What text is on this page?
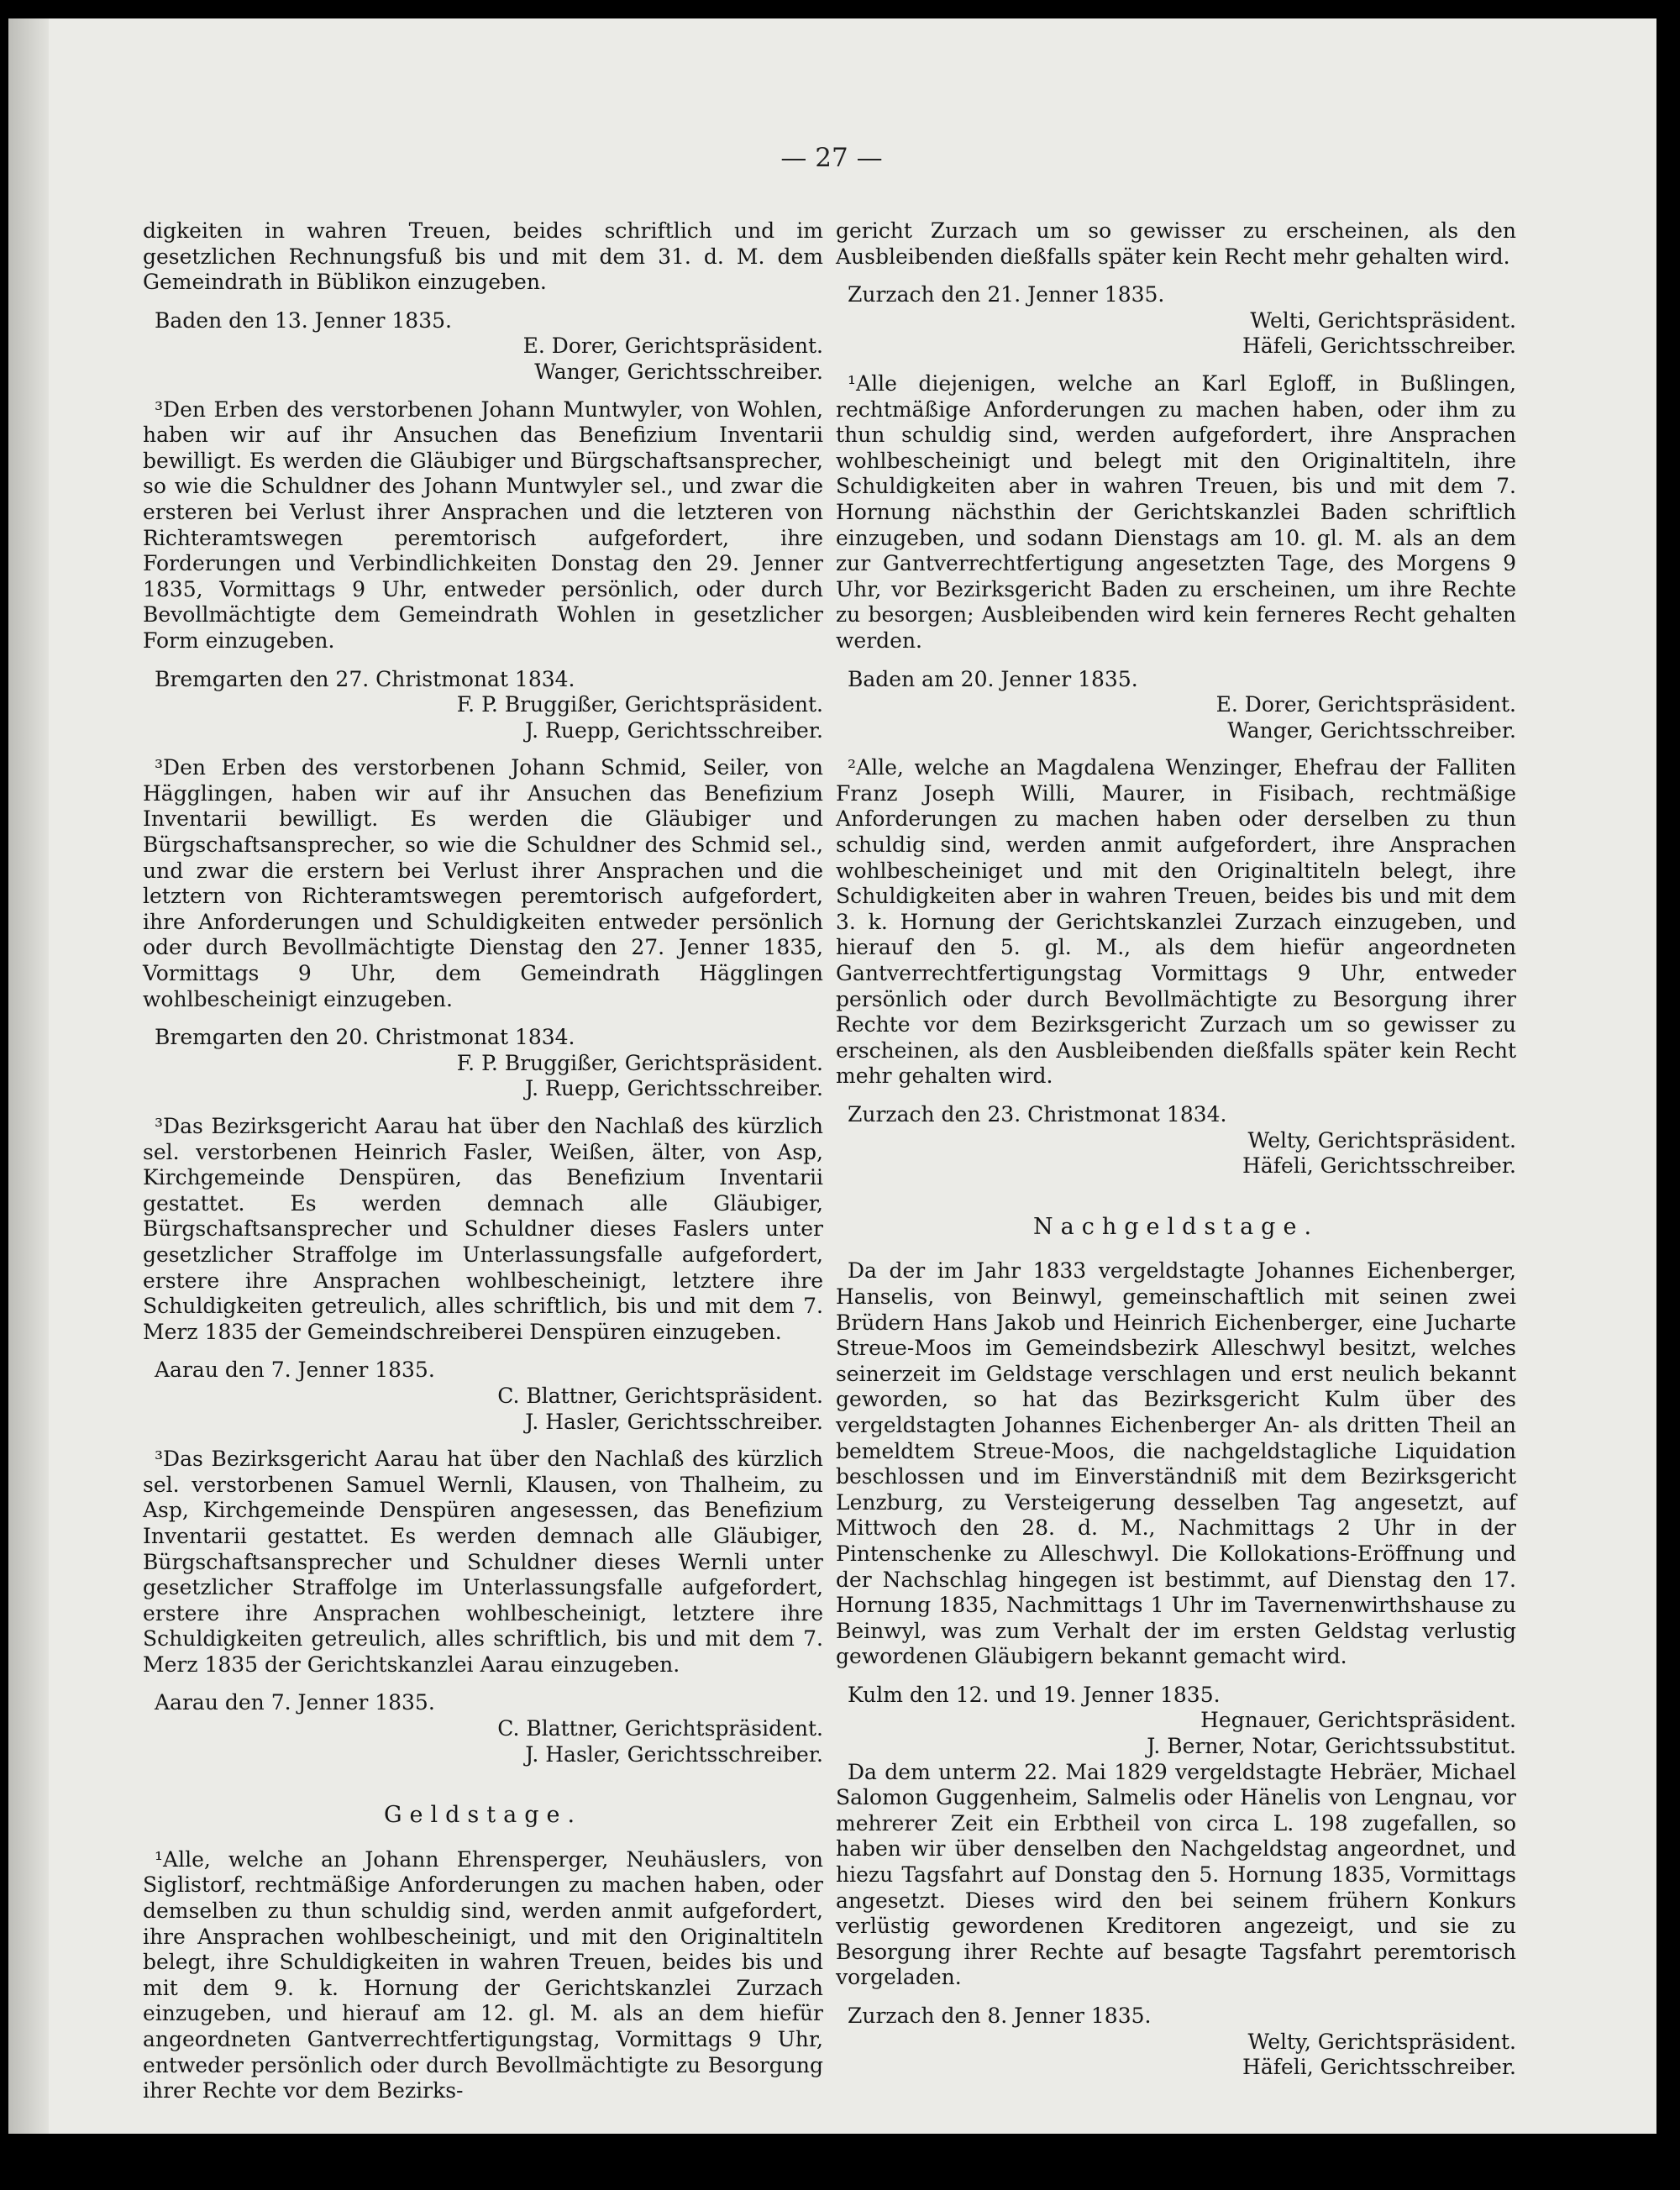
— 27 —

digkeiten in wahren Treuen, beides schriftlich und im gesetzlichen Rechnungsfuß bis und mit dem 31. d. M. dem Gemeindrath in Büblikon einzugeben.

Baden den 13. Jenner 1835.

E. Dorer, Gerichtspräsident.

Wanger, Gerichtsschreiber.

³Den Erben des verstorbenen Johann Muntwyler, von Wohlen, haben wir auf ihr Ansuchen das Benefizium Inventarii bewilligt. Es werden die Gläubiger und Bürgschaftsansprecher, so wie die Schuldner des Johann Muntwyler sel., und zwar die ersteren bei Verlust ihrer Ansprachen und die letzteren von Richteramtswegen peremtorisch aufgefordert, ihre Forderungen und Verbindlichkeiten Donstag den 29. Jenner 1835, Vormittags 9 Uhr, entweder persönlich, oder durch Bevollmächtigte dem Gemeindrath Wohlen in gesetzlicher Form einzugeben.

Bremgarten den 27. Christmonat 1834.

F. P. Bruggißer, Gerichtspräsident.

J. Ruepp, Gerichtsschreiber.

³Den Erben des verstorbenen Johann Schmid, Seiler, von Hägglingen, haben wir auf ihr Ansuchen das Benefizium Inventarii bewilligt. Es werden die Gläubiger und Bürgschaftsansprecher, so wie die Schuldner des Schmid sel., und zwar die erstern bei Verlust ihrer Ansprachen und die letztern von Richteramtswegen peremtorisch aufgefordert, ihre Anforderungen und Schuldigkeiten entweder persönlich oder durch Bevollmächtigte Dienstag den 27. Jenner 1835, Vormittags 9 Uhr, dem Gemeindrath Hägglingen wohlbescheinigt einzugeben.

Bremgarten den 20. Christmonat 1834.

F. P. Bruggißer, Gerichtspräsident.

J. Ruepp, Gerichtsschreiber.

³Das Bezirksgericht Aarau hat über den Nachlaß des kürzlich sel. verstorbenen Heinrich Fasler, Weißen, älter, von Asp, Kirchgemeinde Denspüren, das Benefizium Inventarii gestattet. Es werden demnach alle Gläubiger, Bürgschaftsansprecher und Schuldner dieses Faslers unter gesetzlicher Straffolge im Unterlassungsfalle aufgefordert, erstere ihre Ansprachen wohlbescheinigt, letztere ihre Schuldigkeiten getreulich, alles schriftlich, bis und mit dem 7. Merz 1835 der Gemeindschreiberei Denspüren einzugeben.

Aarau den 7. Jenner 1835.

C. Blattner, Gerichtspräsident.

J. Hasler, Gerichtsschreiber.

³Das Bezirksgericht Aarau hat über den Nachlaß des kürzlich sel. verstorbenen Samuel Wernli, Klausen, von Thalheim, zu Asp, Kirchgemeinde Denspüren angesessen, das Benefizium Inventarii gestattet. Es werden demnach alle Gläubiger, Bürgschaftsansprecher und Schuldner dieses Wernli unter gesetzlicher Straffolge im Unterlassungsfalle aufgefordert, erstere ihre Ansprachen wohlbescheinigt, letztere ihre Schuldigkeiten getreulich, alles schriftlich, bis und mit dem 7. Merz 1835 der Gerichtskanzlei Aarau einzugeben.

Aarau den 7. Jenner 1835.

C. Blattner, Gerichtspräsident.

J. Hasler, Gerichtsschreiber.

Geldstage.

¹Alle, welche an Johann Ehrensperger, Neuhäuslers, von Siglistorf, rechtmäßige Anforderungen zu machen haben, oder demselben zu thun schuldig sind, werden anmit aufgefordert, ihre Ansprachen wohlbescheinigt, und mit den Originaltiteln belegt, ihre Schuldigkeiten in wahren Treuen, beides bis und mit dem 9. k. Hornung der Gerichtskanzlei Zurzach einzugeben, und hierauf am 12. gl. M. als an dem hiefür angeordneten Gantverrechtfertigungstag, Vormittags 9 Uhr, entweder persönlich oder durch Bevollmächtigte zu Besorgung ihrer Rechte vor dem Bezirks-

gericht Zurzach um so gewisser zu erscheinen, als den Ausbleibenden dießfalls später kein Recht mehr gehalten wird.

Zurzach den 21. Jenner 1835.

Welti, Gerichtspräsident.

Häfeli, Gerichtsschreiber.

¹Alle diejenigen, welche an Karl Egloff, in Bußlingen, rechtmäßige Anforderungen zu machen haben, oder ihm zu thun schuldig sind, werden aufgefordert, ihre Ansprachen wohlbescheinigt und belegt mit den Originaltiteln, ihre Schuldigkeiten aber in wahren Treuen, bis und mit dem 7. Hornung nächsthin der Gerichtskanzlei Baden schriftlich einzugeben, und sodann Dienstags am 10. gl. M. als an dem zur Gantverrechtfertigung angesetzten Tage, des Morgens 9 Uhr, vor Bezirksgericht Baden zu erscheinen, um ihre Rechte zu besorgen; Ausbleibenden wird kein ferneres Recht gehalten werden.

Baden am 20. Jenner 1835.

E. Dorer, Gerichtspräsident.

Wanger, Gerichtsschreiber.

²Alle, welche an Magdalena Wenzinger, Ehefrau der Falliten Franz Joseph Willi, Maurer, in Fisibach, rechtmäßige Anforderungen zu machen haben oder derselben zu thun schuldig sind, werden anmit aufgefordert, ihre Ansprachen wohlbescheiniget und mit den Originaltiteln belegt, ihre Schuldigkeiten aber in wahren Treuen, beides bis und mit dem 3. k. Hornung der Gerichtskanzlei Zurzach einzugeben, und hierauf den 5. gl. M., als dem hiefür angeordneten Gantverrechtfertigungstag Vormittags 9 Uhr, entweder persönlich oder durch Bevollmächtigte zu Besorgung ihrer Rechte vor dem Bezirksgericht Zurzach um so gewisser zu erscheinen, als den Ausbleibenden dießfalls später kein Recht mehr gehalten wird.

Zurzach den 23. Christmonat 1834.

Welty, Gerichtspräsident.

Häfeli, Gerichtsschreiber.

Nachgeldstage.

Da der im Jahr 1833 vergeldstagte Johannes Eichenberger, Hanselis, von Beinwyl, gemeinschaftlich mit seinen zwei Brüdern Hans Jakob und Heinrich Eichenberger, eine Jucharte Streue-Moos im Gemeindsbezirk Alleschwyl besitzt, welches seinerzeit im Geldstage verschlagen und erst neulich bekannt geworden, so hat das Bezirksgericht Kulm über des vergeldstagten Johannes Eichenberger An- als dritten Theil an bemeldtem Streue-Moos, die nachgeldstagliche Liquidation beschlossen und im Einverständniß mit dem Bezirksgericht Lenzburg, zu Versteigerung desselben Tag angesetzt, auf Mittwoch den 28. d. M., Nachmittags 2 Uhr in der Pintenschenke zu Alleschwyl. Die Kollokations-Eröffnung und der Nachschlag hingegen ist bestimmt, auf Dienstag den 17. Hornung 1835, Nachmittags 1 Uhr im Tavernenwirthshause zu Beinwyl, was zum Verhalt der im ersten Geldstag verlustig gewordenen Gläubigern bekannt gemacht wird.

Kulm den 12. und 19. Jenner 1835.

Hegnauer, Gerichtspräsident.

J. Berner, Notar, Gerichtssubstitut.

Da dem unterm 22. Mai 1829 vergeldstagte Hebräer, Michael Salomon Guggenheim, Salmelis oder Hänelis von Lengnau, vor mehrerer Zeit ein Erbtheil von circa L. 198 zugefallen, so haben wir über denselben den Nachgeldstag angeordnet, und hiezu Tagsfahrt auf Donstag den 5. Hornung 1835, Vormittags angesetzt. Dieses wird den bei seinem frühern Konkurs verlüstig gewordenen Kreditoren angezeigt, und sie zu Besorgung ihrer Rechte auf besagte Tagsfahrt peremtorisch vorgeladen.

Zurzach den 8. Jenner 1835.

Welty, Gerichtspräsident.

Häfeli, Gerichtsschreiber.
